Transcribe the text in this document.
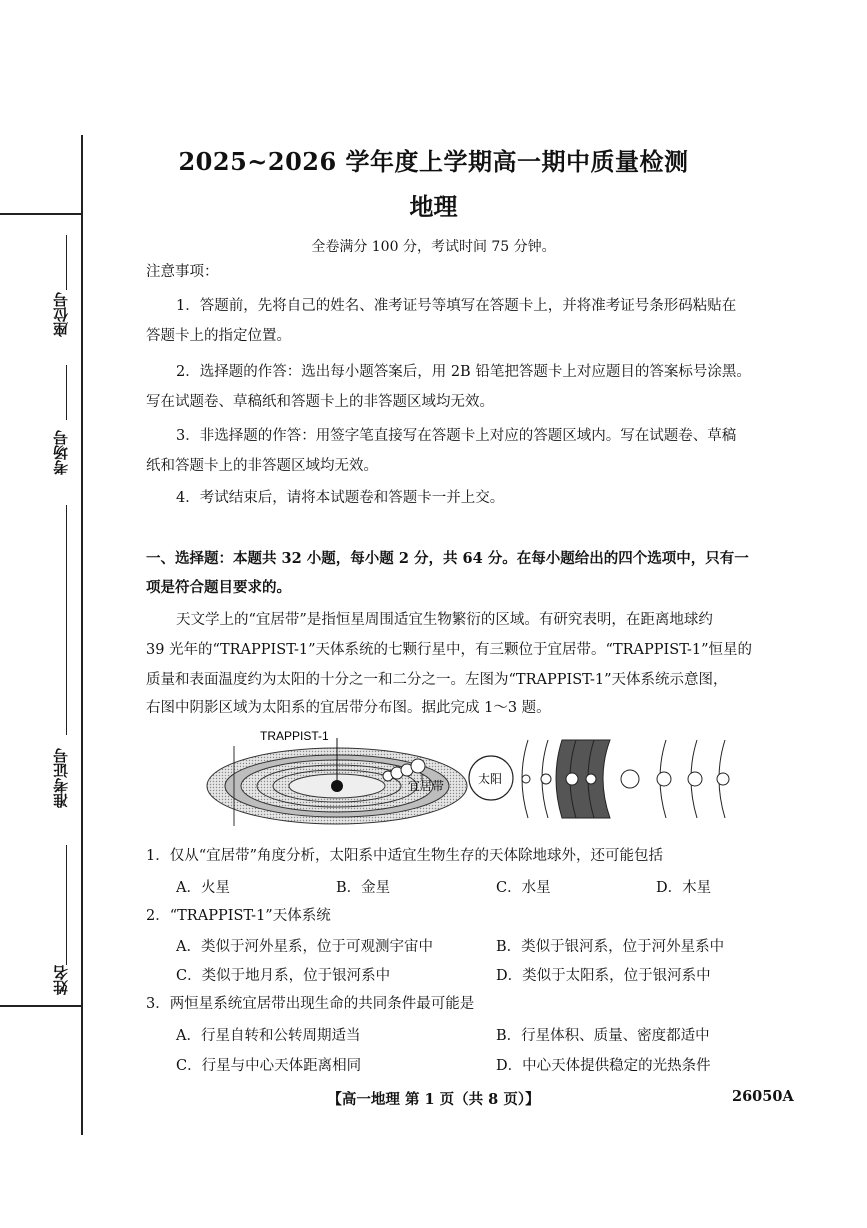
座位号
考场号
准考证号
姓名
2025~2026 学年度上学期高一期中质量检测
地理
全卷满分 100 分，考试时间 75 分钟。
注意事项：
1．答题前，先将自己的姓名、准考证号等填写在答题卡上，并将准考证号条形码粘贴在
答题卡上的指定位置。
2．选择题的作答：选出每小题答案后，用 2B 铅笔把答题卡上对应题目的答案标号涂黑。
写在试题卷、草稿纸和答题卡上的非答题区域均无效。
3．非选择题的作答：用签字笔直接写在答题卡上对应的答题区域内。写在试题卷、草稿
纸和答题卡上的非答题区域均无效。
4．考试结束后，请将本试题卷和答题卡一并上交。
一、选择题：本题共 32 小题，每小题 2 分，共 64 分。在每小题给出的四个选项中，只有一
项是符合题目要求的。
天文学上的“宜居带”是指恒星周围适宜生物繁衍的区域。有研究表明，在距离地球约
39 光年的“TRAPPIST-1”天体系统的七颗行星中，有三颗位于宜居带。“TRAPPIST-1”恒星的
质量和表面温度约为太阳的十分之一和二分之一。左图为“TRAPPIST-1”天体系统示意图，
右图中阴影区域为太阳系的宜居带分布图。据此完成 1～3 题。
TRAPPIST-1
宜居带	太阳
1．仅从“宜居带”角度分析，太阳系中适宜生物生存的天体除地球外，还可能包括
A．火星	B．金星	C．水星	D．木星
2．“TRAPPIST-1”天体系统
A．类似于河外星系，位于可观测宇宙中	B．类似于银河系，位于河外星系中
C．类似于地月系，位于银河系中	D．类似于太阳系，位于银河系中
3．两恒星系统宜居带出现生命的共同条件最可能是
A．行星自转和公转周期适当	B．行星体积、质量、密度都适中
C．行星与中心天体距离相同	D．中心天体提供稳定的光热条件
【高一地理 第 1 页（共 8 页）】	26050A
